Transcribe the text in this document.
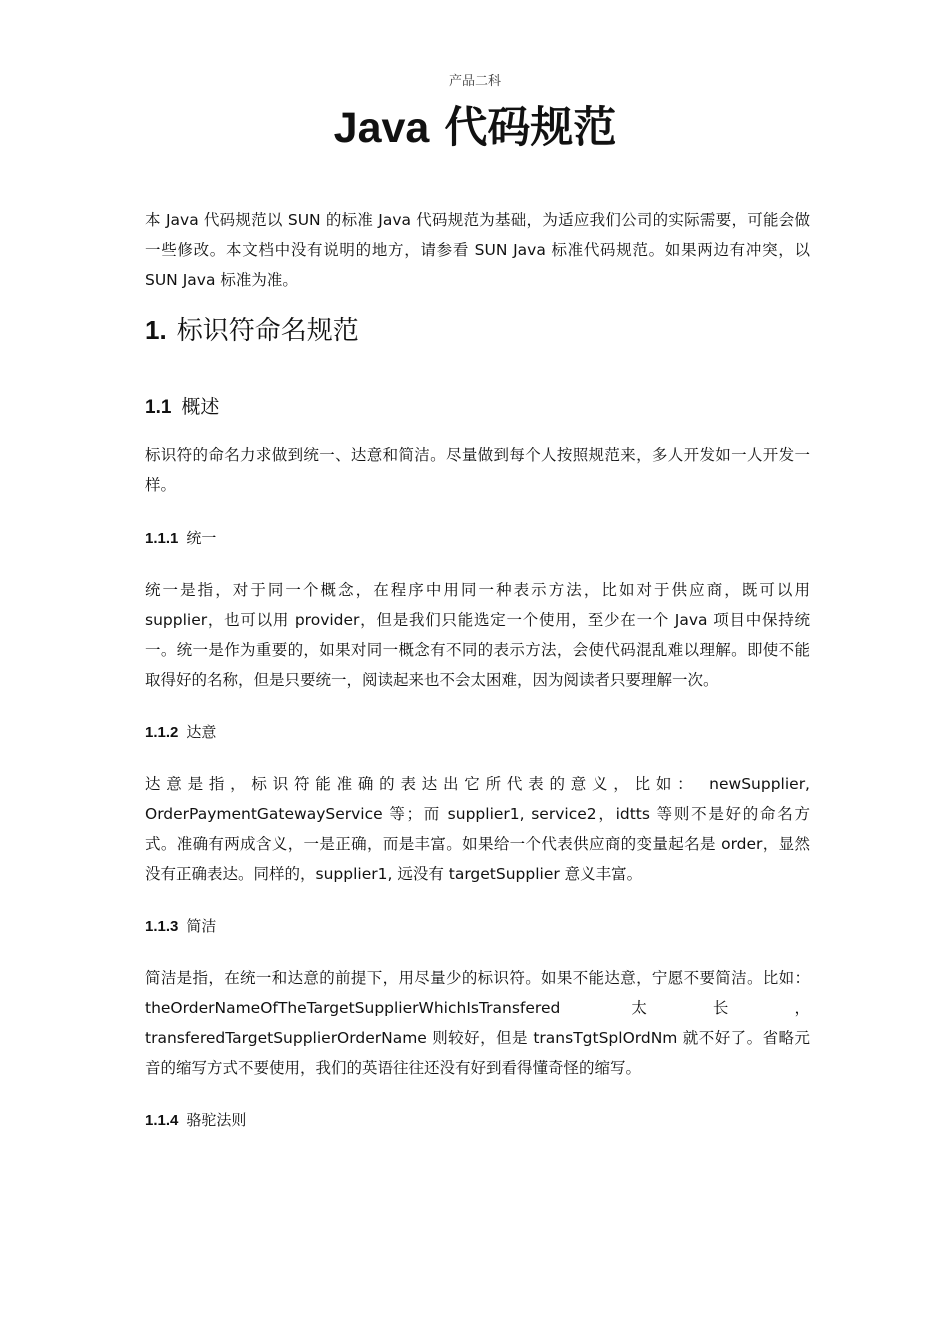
产品二科
Java 代码规范

本 Java 代码规范以 SUN 的标准 Java 代码规范为基础，为适应我们公司的实际需要，可能会做一些修改。本文档中没有说明的地方，请参看 SUN Java 标准代码规范。如果两边有冲突，以 SUN Java 标准为准。

1. 标识符命名规范
1.1 概述

标识符的命名力求做到统一、达意和简洁。尽量做到每个人按照规范来，多人开发如一人开发一样。

1.1.1 统一

统一是指，对于同一个概念，在程序中用同一种表示方法，比如对于供应商，既可以用 supplier，也可以用 provider，但是我们只能选定一个使用，至少在一个 Java 项目中保持统一。统一是作为重要的，如果对同一概念有不同的表示方法，会使代码混乱难以理解。即使不能取得好的名称，但是只要统一，阅读起来也不会太困难，因为阅读者只要理解一次。

1.1.2 达意

达意是指，标识符能准确的表达出它所代表的意义，比如： newSupplier, OrderPaymentGatewayService 等；而 supplier1, service2，idtts 等则不是好的命名方式。准确有两成含义，一是正确，而是丰富。如果给一个代表供应商的变量起名是 order，显然没有正确表达。同样的，supplier1, 远没有 targetSupplier 意义丰富。

1.1.3 简洁

简洁是指，在统一和达意的前提下，用尽量少的标识符。如果不能达意，宁愿不要简洁。比如：theOrderNameOfTheTargetSupplierWhichIsTransfered 太长， transferedTargetSupplierOrderName 则较好，但是 transTgtSplOrdNm 就不好了。省略元音的缩写方式不要使用，我们的英语往往还没有好到看得懂奇怪的缩写。

1.1.4 骆驼法则
